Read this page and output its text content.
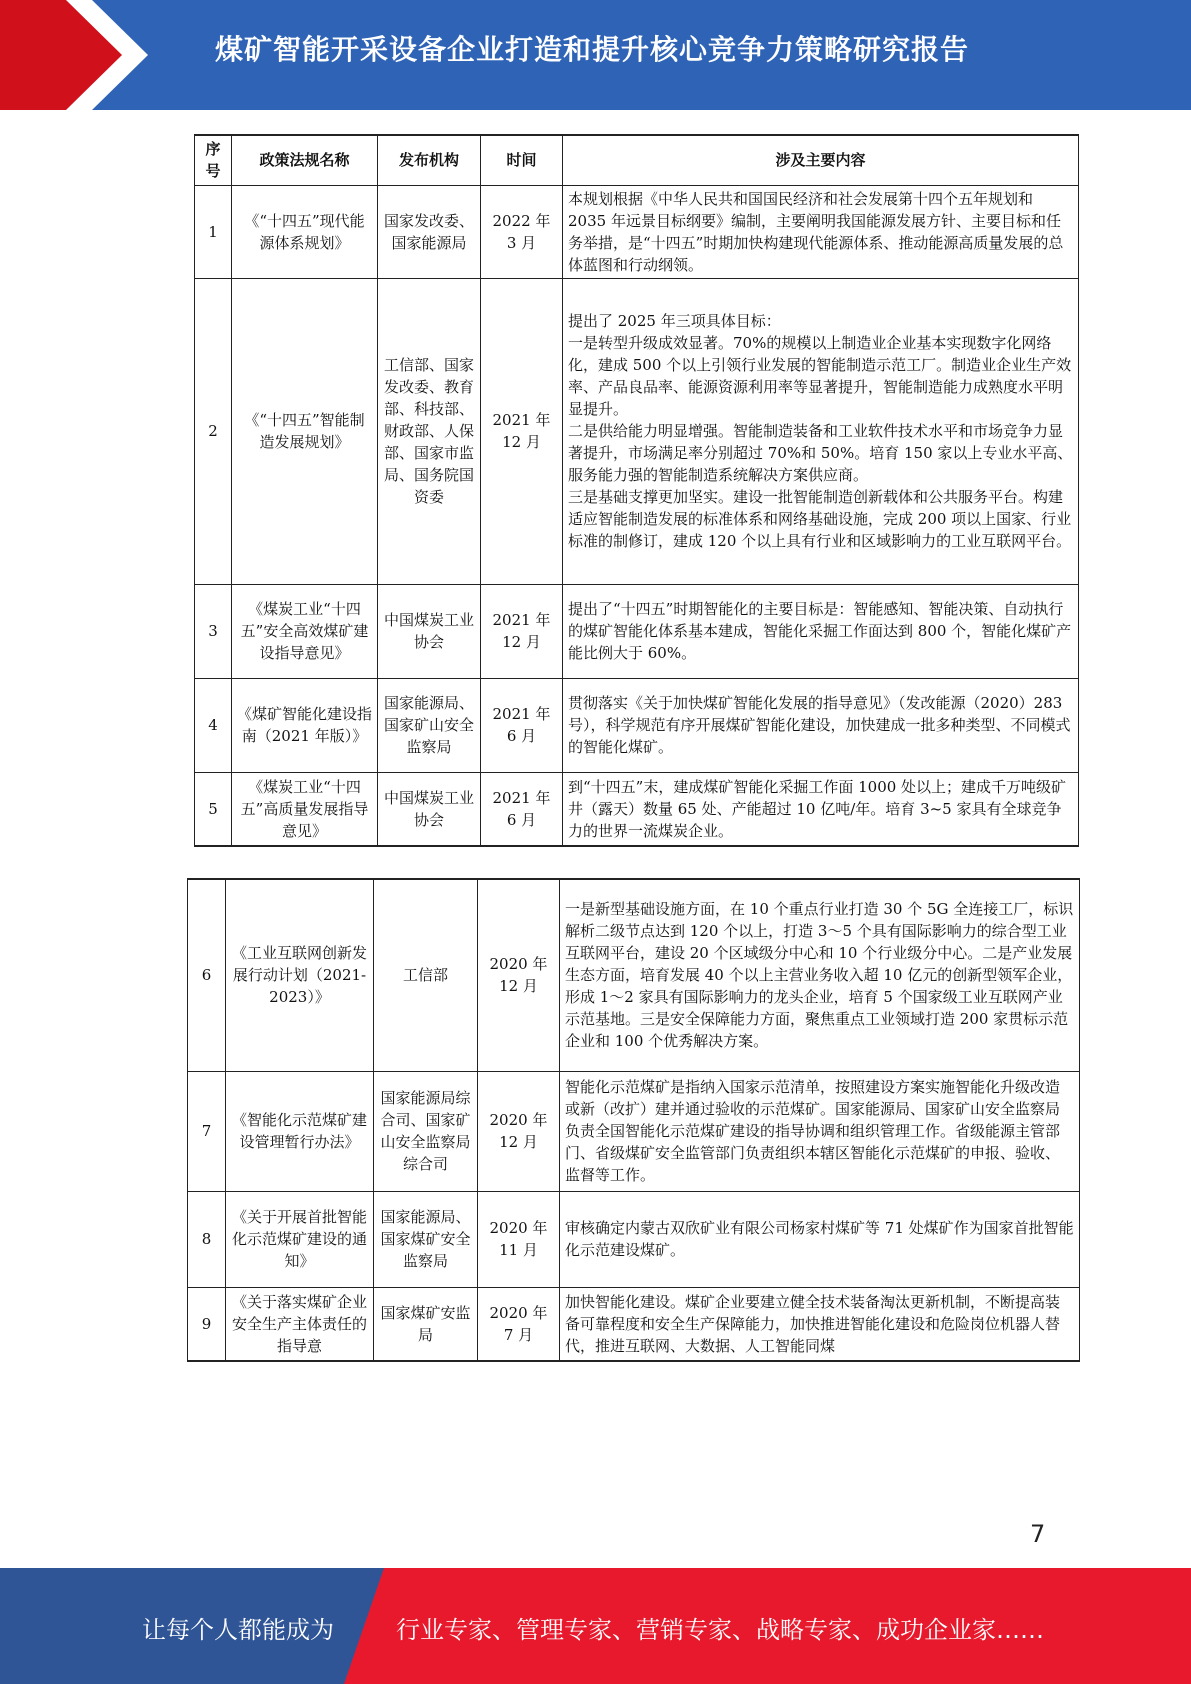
煤矿智能开采设备企业打造和提升核心竞争力策略研究报告
序号	政策法规名称	发布机构	时间	涉及主要内容
1	《“十四五”现代能源体系规划》	国家发改委、国家能源局	2022 年 3 月	本规划根据《中华人民共和国国民经济和社会发展第十四个五年规划和 2035 年远景目标纲要》编制，主要阐明我国能源发展方针、主要目标和任务举措，是“十四五”时期加快构建现代能源体系、推动能源高质量发展的总体蓝图和行动纲领。
2	《“十四五”智能制造发展规划》	工信部、国家发改委、教育部、科技部、财政部、人保部、国家市监局、国务院国资委	2021 年 12 月	提出了 2025 年三项具体目标：
一是转型升级成效显著。70%的规模以上制造业企业基本实现数字化网络化，建成 500 个以上引领行业发展的智能制造示范工厂。制造业企业生产效率、产品良品率、能源资源利用率等显著提升，智能制造能力成熟度水平明显提升。
二是供给能力明显增强。智能制造装备和工业软件技术水平和市场竞争力显著提升，市场满足率分别超过 70%和 50%。培育 150 家以上专业水平高、服务能力强的智能制造系统解决方案供应商。
三是基础支撑更加坚实。建设一批智能制造创新载体和公共服务平台。构建适应智能制造发展的标准体系和网络基础设施，完成 200 项以上国家、行业标准的制修订，建成 120 个以上具有行业和区域影响力的工业互联网平台。
3	《煤炭工业“十四五”安全高效煤矿建设指导意见》	中国煤炭工业协会	2021 年 12 月	提出了“十四五”时期智能化的主要目标是：智能感知、智能决策、自动执行的煤矿智能化体系基本建成，智能化采掘工作面达到 800 个，智能化煤矿产能比例大于 60%。
4	《煤矿智能化建设指南（2021 年版）》	国家能源局、国家矿山安全监察局	2021 年 6 月	贯彻落实《关于加快煤矿智能化发展的指导意见》（发改能源（2020）283 号），科学规范有序开展煤矿智能化建设，加快建成一批多种类型、不同模式的智能化煤矿。
5	《煤炭工业“十四五”高质量发展指导意见》	中国煤炭工业协会	2021 年 6 月	到“十四五”末，建成煤矿智能化采掘工作面 1000 处以上；建成千万吨级矿井（露天）数量 65 处、产能超过 10 亿吨/年。培育 3~5 家具有全球竞争力的世界一流煤炭企业。
6	《工业互联网创新发展行动计划（2021-2023）》	工信部	2020 年 12 月	一是新型基础设施方面，在 10 个重点行业打造 30 个 5G 全连接工厂，标识解析二级节点达到 120 个以上，打造 3～5 个具有国际影响力的综合型工业互联网平台，建设 20 个区域级分中心和 10 个行业级分中心。二是产业发展生态方面，培育发展 40 个以上主营业务收入超 10 亿元的创新型领军企业，形成 1～2 家具有国际影响力的龙头企业，培育 5 个国家级工业互联网产业示范基地。三是安全保障能力方面，聚焦重点工业领域打造 200 家贯标示范企业和 100 个优秀解决方案。
7	《智能化示范煤矿建设管理暂行办法》	国家能源局综合司、国家矿山安全监察局综合司	2020 年 12 月	智能化示范煤矿是指纳入国家示范清单，按照建设方案实施智能化升级改造或新（改扩）建并通过验收的示范煤矿。国家能源局、国家矿山安全监察局负责全国智能化示范煤矿建设的指导协调和组织管理工作。省级能源主管部门、省级煤矿安全监管部门负责组织本辖区智能化示范煤矿的申报、验收、监督等工作。
8	《关于开展首批智能化示范煤矿建设的通知》	国家能源局、国家煤矿安全监察局	2020 年 11 月	审核确定内蒙古双欣矿业有限公司杨家村煤矿等 71 处煤矿作为国家首批智能化示范建设煤矿。
9	《关于落实煤矿企业安全生产主体责任的指导意	国家煤矿安监局	2020 年 7 月	加快智能化建设。煤矿企业要建立健全技术装备淘汰更新机制，不断提高装备可靠程度和安全生产保障能力，加快推进智能化建设和危险岗位机器人替代，推进互联网、大数据、人工智能同煤
7
让每个人都能成为	行业专家、管理专家、营销专家、战略专家、成功企业家……
